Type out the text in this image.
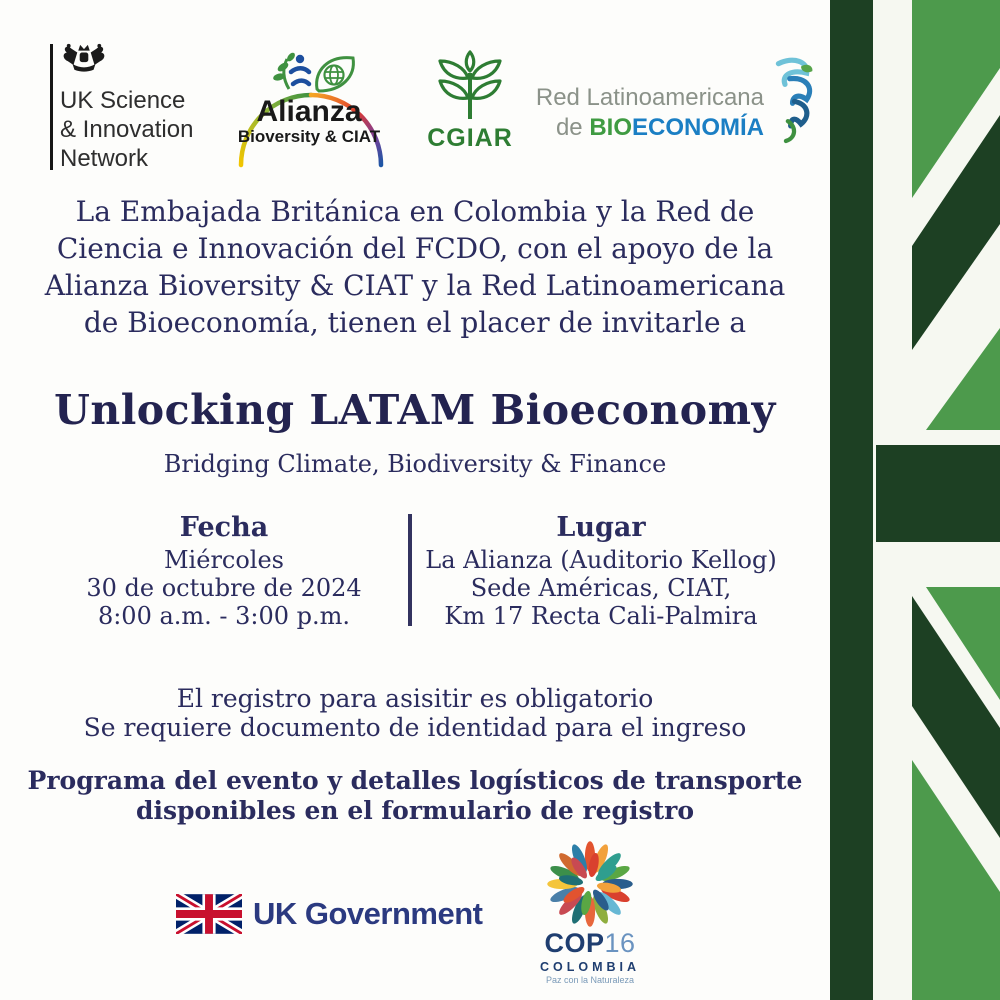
UK Science
& Innovation
Network
Alianza
Bioversity & CIAT	CGIAR
Red Latinoamericana
de BIOECONOMÍA
La Embajada Británica en Colombia y la Red de
Ciencia e Innovación del FCDO, con el apoyo de la
Alianza Bioversity & CIAT y la Red Latinoamericana
de Bioeconomía, tienen el placer de invitarle a
Unlocking LATAM Bioeconomy
Bridging Climate, Biodiversity & Finance
Fecha
Miércoles
30 de octubre de 2024
8:00 a.m. - 3:00 p.m.
Lugar
La Alianza (Auditorio Kellog)
Sede Américas, CIAT,
Km 17 Recta Cali-Palmira
El registro para asisitir es obligatorio
Se requiere documento de identidad para el ingreso
Programa del evento y detalles logísticos de transporte
disponibles en el formulario de registro
UK Government
COP16
COLOMBIA
Paz con la Naturaleza
